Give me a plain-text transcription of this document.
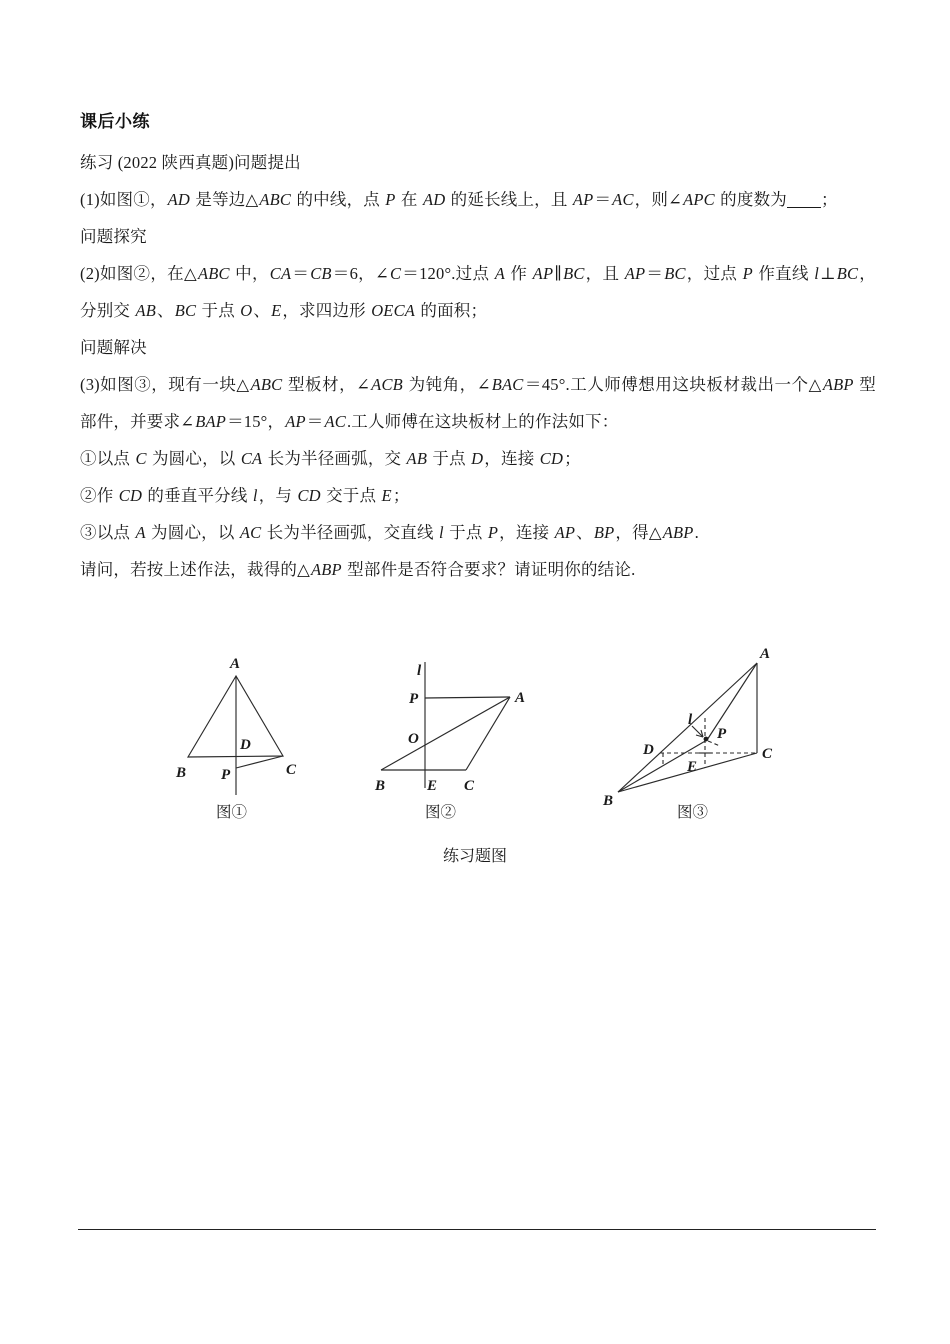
课后小练

练习 (2022 陕西真题)问题提出

(1)如图①，AD 是等边△ABC 的中线，点 P 在 AD 的延长线上，且 AP＝AC，则∠APC 的度数为 ；

问题探究

(2)如图②，在△ABC 中，CA＝CB＝6，∠C＝120°.过点 A 作 AP∥BC，且 AP＝BC，过点 P 作直线 l⊥BC，分别交 AB、BC 于点 O、E，求四边形 OECA 的面积；

问题解决

(3)如图③，现有一块△ABC 型板材，∠ACB 为钝角，∠BAC＝45°.工人师傅想用这块板材裁出一个△ABP 型部件，并要求∠BAP＝15°，AP＝AC.工人师傅在这块板材上的作法如下：

①以点 C 为圆心，以 CA 长为半径画弧，交 AB 于点 D，连接 CD；

②作 CD 的垂直平分线 l，与 CD 交于点 E；

③以点 A 为圆心，以 AC 长为半径画弧，交直线 l 于点 P，连接 AP、BP，得△ABP.

请问，若按上述作法，裁得的△ABP 型部件是否符合要求？请证明你的结论.

A
B	C
D
P
l
P	A
O
B	E C
A
B
C
D
E
P
l
图①	图②	图③
练习题图
